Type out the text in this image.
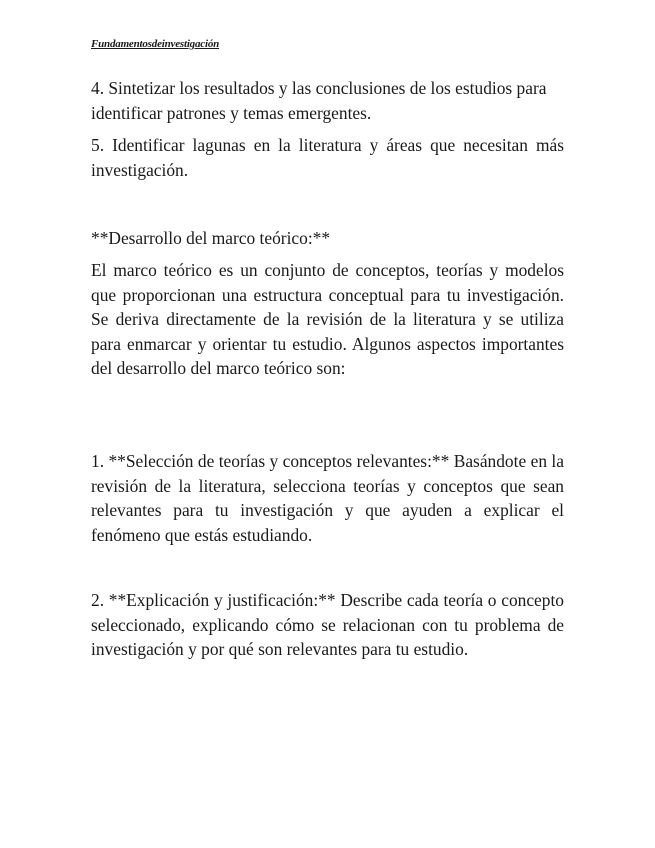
Fundamentosdeinvestigación

4. Sintetizar los resultados y las conclusiones de los estudios para identificar patrones y temas emergentes.

5. Identificar lagunas en la literatura y áreas que necesitan más investigación.

**Desarrollo del marco teórico:**

El marco teórico es un conjunto de conceptos, teorías y modelos que proporcionan una estructura conceptual para tu investigación. Se deriva directamente de la revisión de la literatura y se utiliza para enmarcar y orientar tu estudio. Algunos aspectos importantes del desarrollo del marco teórico son:

1. **Selección de teorías y conceptos relevantes:** Basándote en la revisión de la literatura, selecciona teorías y conceptos que sean relevantes para tu investigación y que ayuden a explicar el fenómeno que estás estudiando.

2. **Explicación y justificación:** Describe cada teoría o concepto seleccionado, explicando cómo se relacionan con tu problema de investigación y por qué son relevantes para tu estudio.
